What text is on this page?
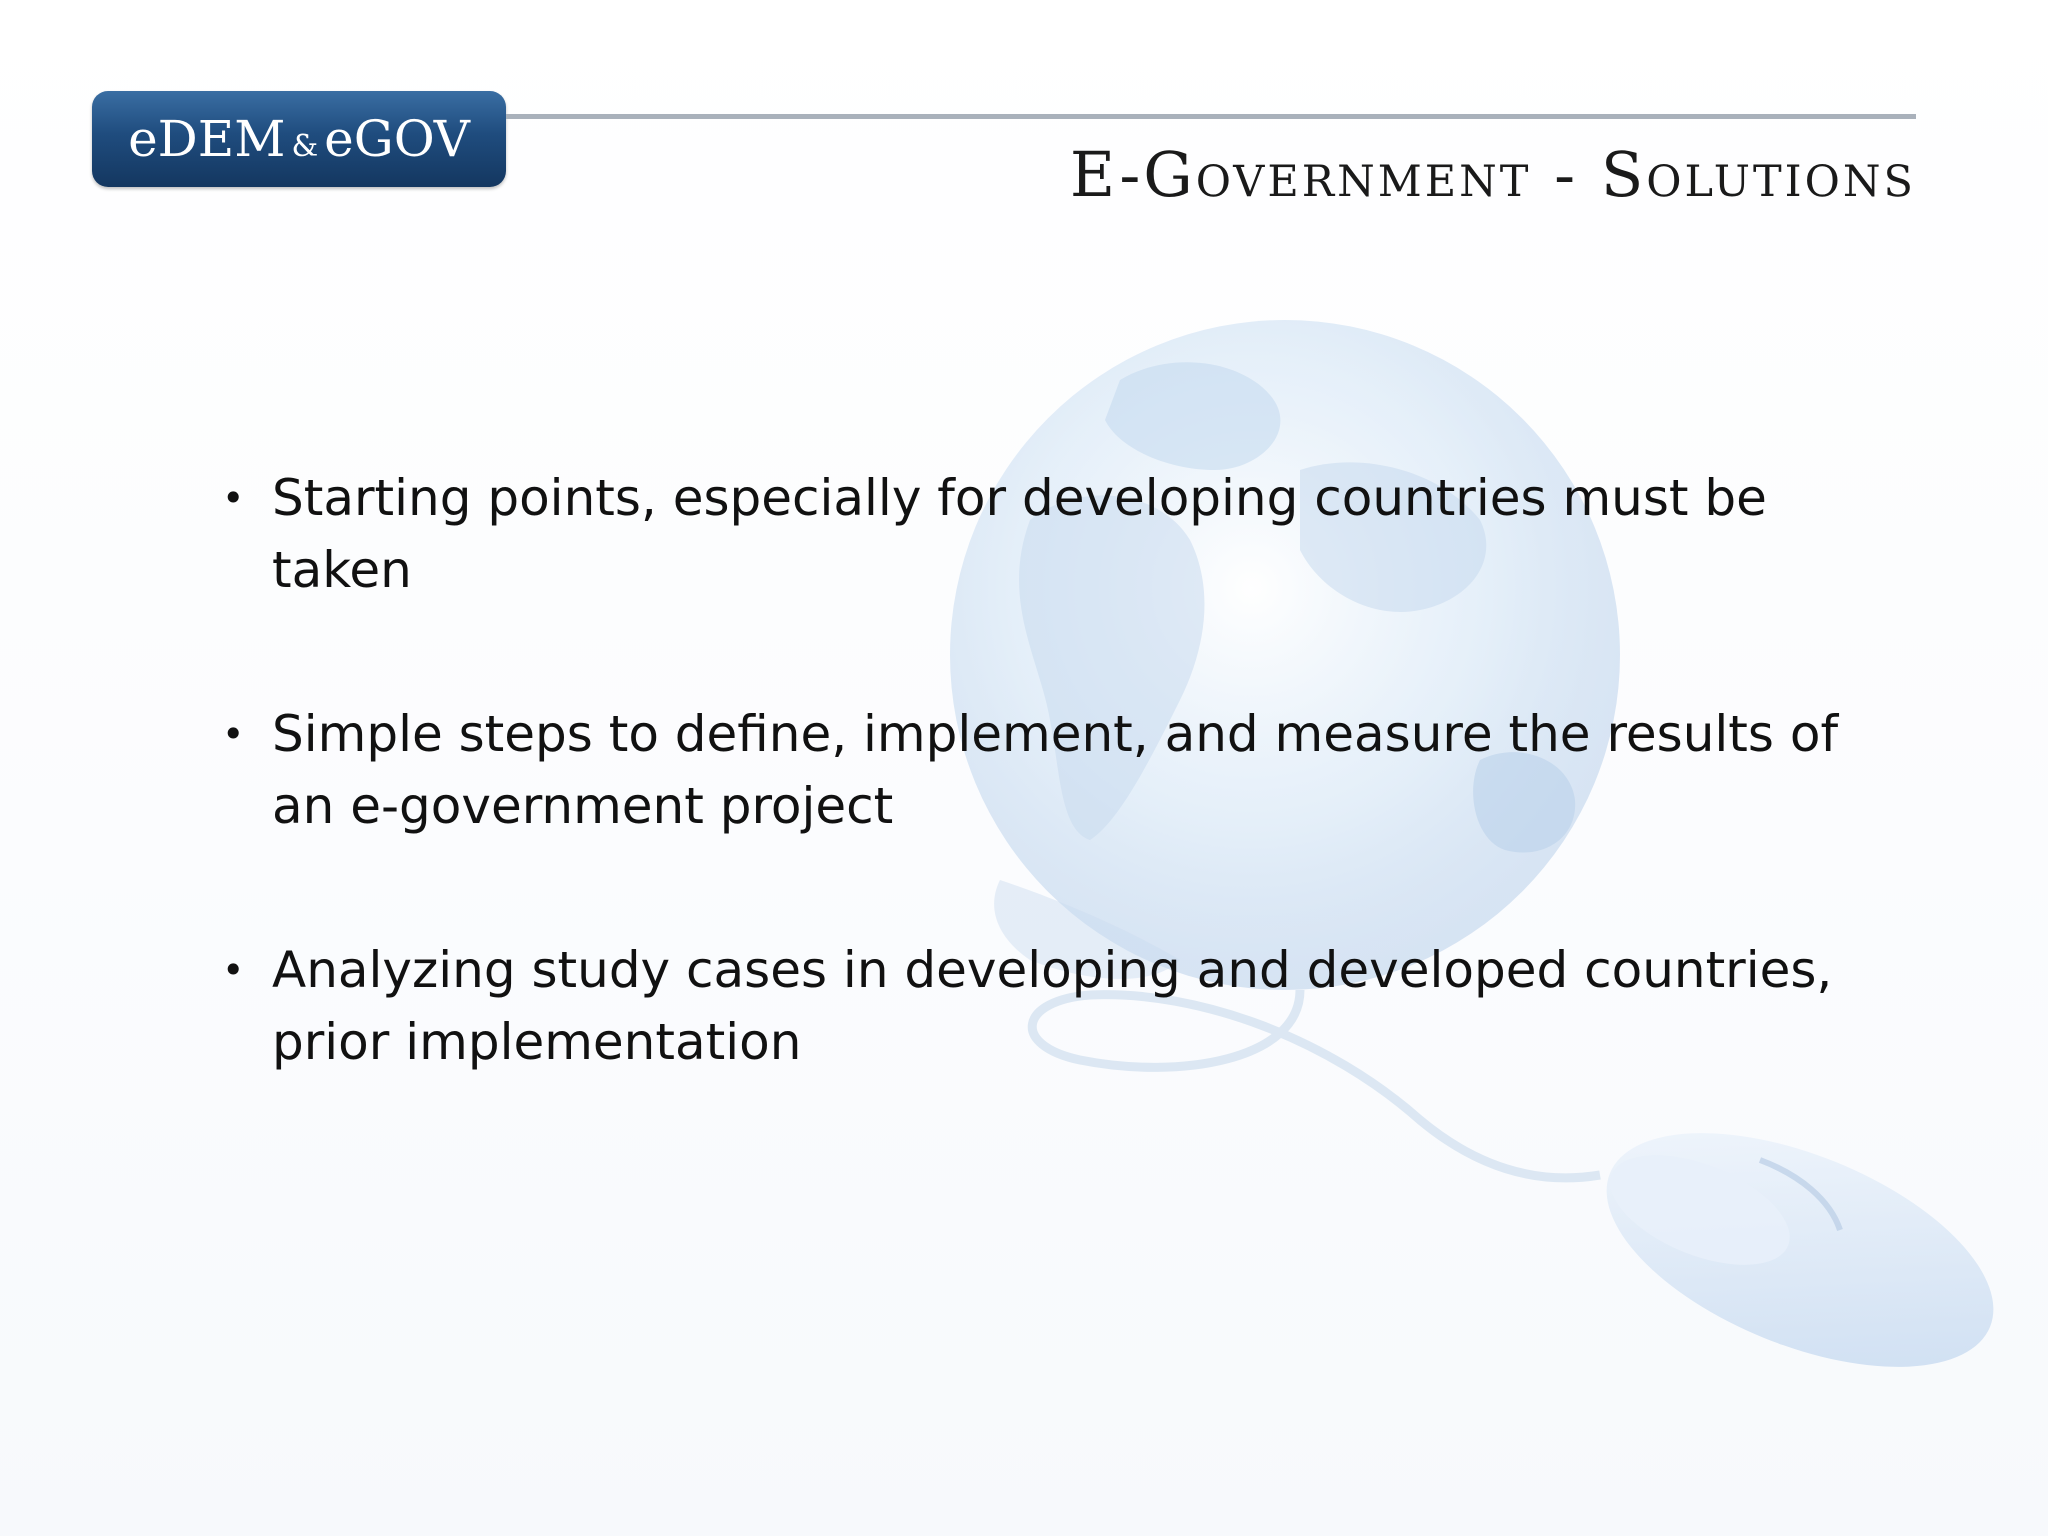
eDEM & eGOV	E-Government - Solutions
• Starting points, especially for developing countries must be taken
• Simple steps to define, implement, and measure the results of an e-government project
• Analyzing study cases in developing and developed countries, prior implementation
